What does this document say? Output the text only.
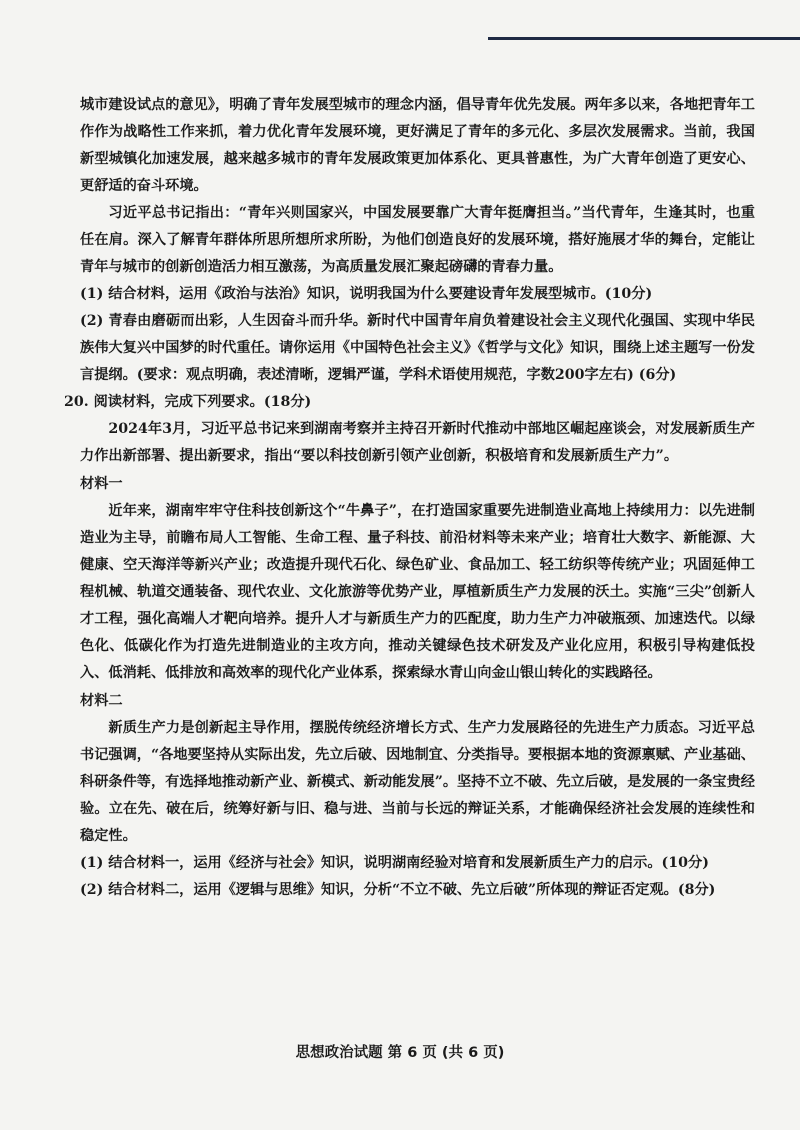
城市建设试点的意见》，明确了青年发展型城市的理念内涵，倡导青年优先发展。两年多以来，各地把青年工作作为战略性工作来抓，着力优化青年发展环境，更好满足了青年的多元化、多层次发展需求。当前，我国新型城镇化加速发展，越来越多城市的青年发展政策更加体系化、更具普惠性，为广大青年创造了更安心、更舒适的奋斗环境。

习近平总书记指出：“青年兴则国家兴，中国发展要靠广大青年挺膺担当。”当代青年，生逢其时，也重任在肩。深入了解青年群体所思所想所求所盼，为他们创造良好的发展环境，搭好施展才华的舞台，定能让青年与城市的创新创造活力相互激荡，为高质量发展汇聚起磅礴的青春力量。

(1) 结合材料，运用《政治与法治》知识，说明我国为什么要建设青年发展型城市。(10分)

(2) 青春由磨砺而出彩，人生因奋斗而升华。新时代中国青年肩负着建设社会主义现代化强国、实现中华民族伟大复兴中国梦的时代重任。请你运用《中国特色社会主义》《哲学与文化》知识，围绕上述主题写一份发言提纲。(要求：观点明确，表述清晰，逻辑严谨，学科术语使用规范，字数200字左右) (6分)

20. 阅读材料，完成下列要求。(18分)

2024年3月，习近平总书记来到湖南考察并主持召开新时代推动中部地区崛起座谈会，对发展新质生产力作出新部署、提出新要求，指出“要以科技创新引领产业创新，积极培育和发展新质生产力”。

材料一

近年来，湖南牢牢守住科技创新这个“牛鼻子”，在打造国家重要先进制造业高地上持续用力：以先进制造业为主导，前瞻布局人工智能、生命工程、量子科技、前沿材料等未来产业；培育壮大数字、新能源、大健康、空天海洋等新兴产业；改造提升现代石化、绿色矿业、食品加工、轻工纺织等传统产业；巩固延伸工程机械、轨道交通装备、现代农业、文化旅游等优势产业，厚植新质生产力发展的沃土。实施“三尖”创新人才工程，强化高端人才靶向培养。提升人才与新质生产力的匹配度，助力生产力冲破瓶颈、加速迭代。以绿色化、低碳化作为打造先进制造业的主攻方向，推动关键绿色技术研发及产业化应用，积极引导构建低投入、低消耗、低排放和高效率的现代化产业体系，探索绿水青山向金山银山转化的实践路径。

材料二

新质生产力是创新起主导作用，摆脱传统经济增长方式、生产力发展路径的先进生产力质态。习近平总书记强调，“各地要坚持从实际出发，先立后破、因地制宜、分类指导。要根据本地的资源禀赋、产业基础、科研条件等，有选择地推动新产业、新模式、新动能发展”。坚持不立不破、先立后破，是发展的一条宝贵经验。立在先、破在后，统筹好新与旧、稳与进、当前与长远的辩证关系，才能确保经济社会发展的连续性和稳定性。

(1) 结合材料一，运用《经济与社会》知识，说明湖南经验对培育和发展新质生产力的启示。(10分)

(2) 结合材料二，运用《逻辑与思维》知识，分析“不立不破、先立后破”所体现的辩证否定观。(8分)

思想政治试题 第 6 页 (共 6 页)
